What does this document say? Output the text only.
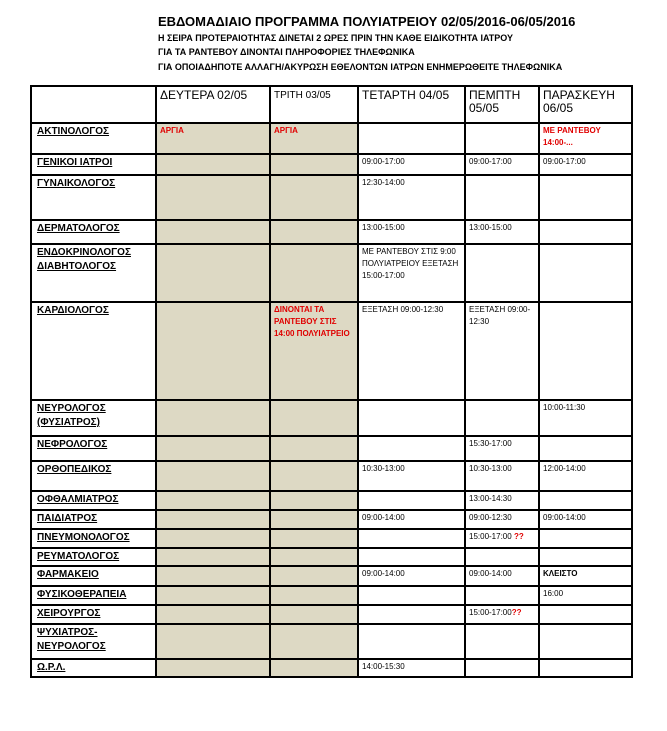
ΕΒΔΟΜΑΔΙΑΙΟ ΠΡΟΓΡΑΜΜΑ ΠΟΛΥΙΑΤΡΕΙΟΥ 02/05/2016-06/05/2016
Η ΣΕΙΡΑ ΠΡΟΤΕΡΑΙΟΤΗΤΑΣ ΔΙΝΕΤΑΙ 2 ΩΡΕΣ ΠΡΙΝ ΤΗΝ ΚΑΘΕ ΕΙΔΙΚΟΤΗΤΑ ΙΑΤΡΟΥ
ΓΙΑ ΤΑ ΡΑΝΤΕΒΟΥ ΔΙΝΟΝΤΑΙ ΠΛΗΡΟΦΟΡΙΕΣ ΤΗΛΕΦΩΝΙΚΑ
ΓΙΑ ΟΠΟΙΑΔΗΠΟΤΕ ΑΛΛΑΓΗ/ΑΚΥΡΩΣΗ ΕΘΕΛΟΝΤΩΝ ΙΑΤΡΩΝ ΕΝΗΜΕΡΩΘΕΙΤΕ ΤΗΛΕΦΩΝΙΚΑ
	ΔΕΥΤΕΡΑ 02/05	ΤΡΙΤΗ 03/05	ΤΕΤΑΡΤΗ 04/05	ΠΕΜΠΤΗ 05/05	ΠΑΡΑΣΚΕΥΗ 06/05
ΑΚΤΙΝΟΛΟΓΟΣ	ΑΡΓΙΑ	ΑΡΓΙΑ			ΜΕ ΡΑΝΤΕΒΟΥ 14:00-...
ΓΕΝΙΚΟΙ ΙΑΤΡΟΙ			09:00-17:00	09:00-17:00	09:00-17:00
ΓΥΝΑΙΚΟΛΟΓΟΣ			12:30-14:00		
ΔΕΡΜΑΤΟΛΟΓΟΣ			13:00-15:00	13:00-15:00	
ΕΝΔΟΚΡΙΝΟΛΟΓΟΣ ΔΙΑΒΗΤΟΛΟΓΟΣ			ΜΕ ΡΑΝΤΕΒΟΥ ΣΤΙΣ 9:00 ΠΟΛΥΙΑΤΡΕΙΟΥ ΕΞΕΤΑΣΗ 15:00-17:00		
ΚΑΡΔΙΟΛΟΓΟΣ		ΔΙΝΟΝΤΑΙ ΤΑ ΡΑΝΤΕΒΟΥ ΣΤΙΣ 14:00 ΠΟΛΥΙΑΤΡΕΙΟ	ΕΞΕΤΑΣΗ 09:00-12:30	ΕΞΕΤΑΣΗ 09:00-12:30	
ΝΕΥΡΟΛΟΓΟΣ (ΦΥΣΙΑΤΡΟΣ)					10:00-11:30
ΝΕΦΡΟΛΟΓΟΣ				15:30-17:00	
ΟΡΘΟΠΕΔΙΚΟΣ			10:30-13:00	10:30-13:00	12:00-14:00
ΟΦΘΑΛΜΙΑΤΡΟΣ				13:00-14:30	
ΠΑΙΔΙΑΤΡΟΣ			09:00-14:00	09:00-12:30	09:00-14:00
ΠΝΕΥΜΟΝΟΛΟΓΟΣ				15:00-17:00 ??	
ΡΕΥΜΑΤΟΛΟΓΟΣ					
ΦΑΡΜΑΚΕΙΟ			09:00-14:00	09:00-14:00	ΚΛΕΙΣΤΟ
ΦΥΣΙΚΟΘΕΡΑΠΕΙΑ					16:00
ΧΕΙΡΟΥΡΓΟΣ				15:00-17:00??	
ΨΥΧΙΑΤΡΟΣ- ΝΕΥΡΟΛΟΓΟΣ					
Ω.Ρ.Λ.			14:00-15:30		
